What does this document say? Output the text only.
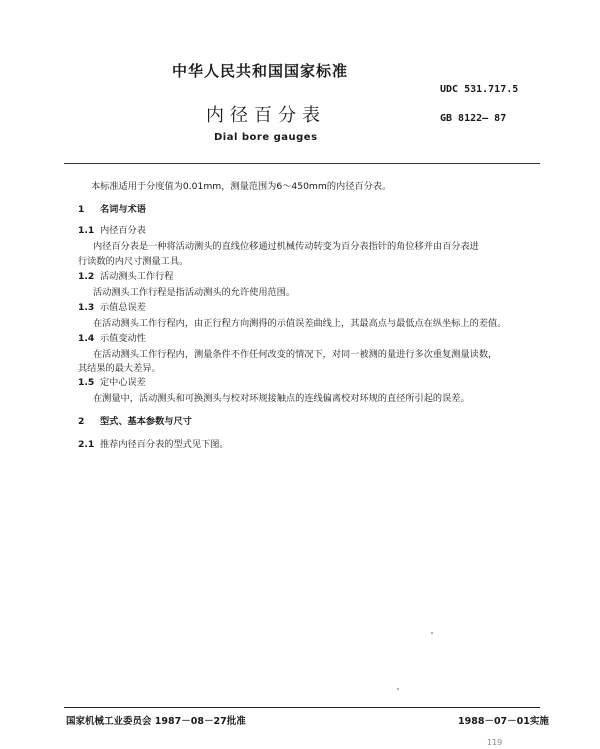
中华人民共和国国家标准
UDC 531.717.5
内径百分表	GB 8122— 87
Dial bore gauges
本标准适用于分度值为0.01mm，测量范围为6～450mm的内径百分表。
1 名词与术语
1.1 内径百分表
内径百分表是一种将活动测头的直线位移通过机械传动转变为百分表指针的角位移并由百分表进
行读数的内尺寸测量工具。
1.2 活动测头工作行程
活动测头工作行程是指活动测头的允许使用范围。
1.3 示值总误差
在活动测头工作行程内，由正行程方向测得的示值误差曲线上，其最高点与最低点在纵坐标上的差值。
1.4 示值变动性
在活动测头工作行程内，测量条件不作任何改变的情况下，对同一被测的量进行多次重复测量读数，
其结果的最大差异。
1.5 定中心误差
在测量中，活动测头和可换测头与校对环规接触点的连线偏离校对环规的直径所引起的误差。
2 型式、基本参数与尺寸
2.1 推荐内径百分表的型式见下图。
国家机械工业委员会 1987－08－27批准	1988－07－01实施
119
